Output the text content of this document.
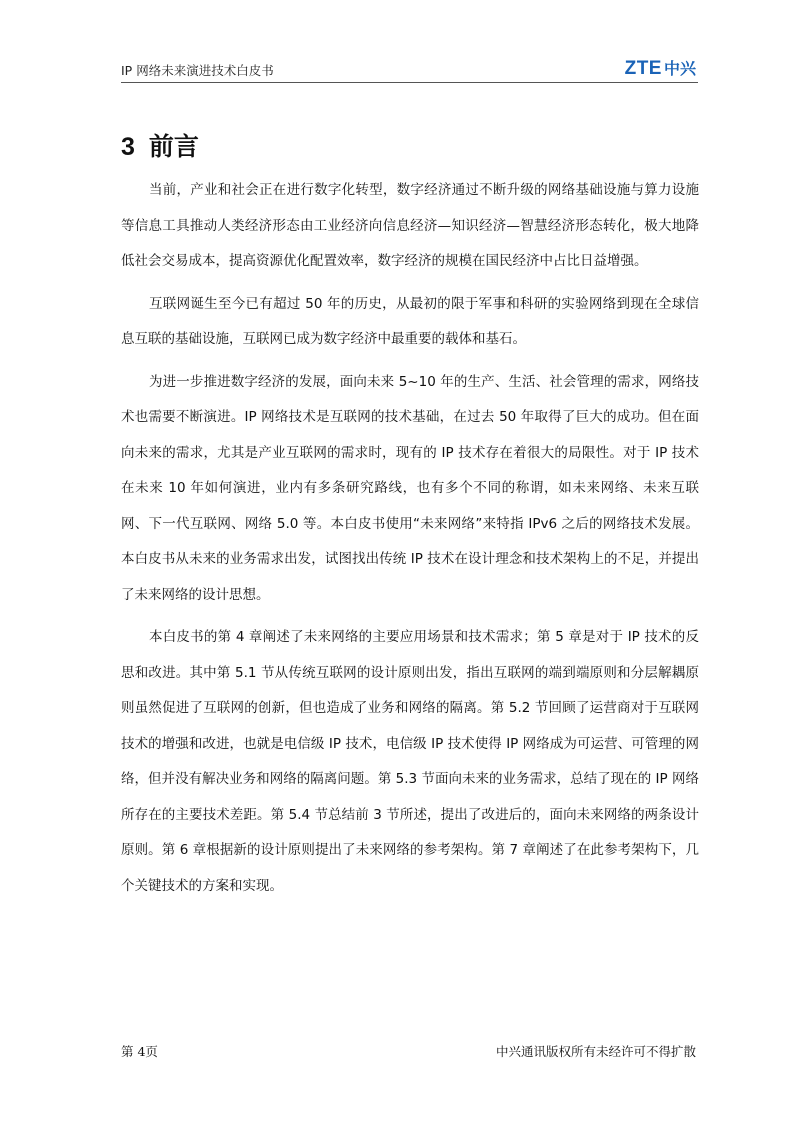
IP 网络未来演进技术白皮书	ZTE 中兴
3 前言

当前，产业和社会正在进行数字化转型，数字经济通过不断升级的网络基础设施与算力设施等信息工具推动人类经济形态由工业经济向信息经济—知识经济—智慧经济形态转化，极大地降低社会交易成本，提高资源优化配置效率，数字经济的规模在国民经济中占比日益增强。

互联网诞生至今已有超过 50 年的历史，从最初的限于军事和科研的实验网络到现在全球信息互联的基础设施，互联网已成为数字经济中最重要的载体和基石。

为进一步推进数字经济的发展，面向未来 5~10 年的生产、生活、社会管理的需求，网络技术也需要不断演进。IP 网络技术是互联网的技术基础，在过去 50 年取得了巨大的成功。但在面向未来的需求，尤其是产业互联网的需求时，现有的 IP 技术存在着很大的局限性。对于 IP 技术在未来 10 年如何演进，业内有多条研究路线，也有多个不同的称谓，如未来网络、未来互联网、下一代互联网、网络 5.0 等。本白皮书使用“未来网络”来特指 IPv6 之后的网络技术发展。本白皮书从未来的业务需求出发，试图找出传统 IP 技术在设计理念和技术架构上的不足，并提出了未来网络的设计思想。

本白皮书的第 4 章阐述了未来网络的主要应用场景和技术需求；第 5 章是对于 IP 技术的反思和改进。其中第 5.1 节从传统互联网的设计原则出发，指出互联网的端到端原则和分层解耦原则虽然促进了互联网的创新，但也造成了业务和网络的隔离。第 5.2 节回顾了运营商对于互联网技术的增强和改进，也就是电信级 IP 技术，电信级 IP 技术使得 IP 网络成为可运营、可管理的网络，但并没有解决业务和网络的隔离问题。第 5.3 节面向未来的业务需求，总结了现在的 IP 网络所存在的主要技术差距。第 5.4 节总结前 3 节所述，提出了改进后的，面向未来网络的两条设计原则。第 6 章根据新的设计原则提出了未来网络的参考架构。第 7 章阐述了在此参考架构下，几个关键技术的方案和实现。

第 4页	中兴通讯版权所有未经许可不得扩散
